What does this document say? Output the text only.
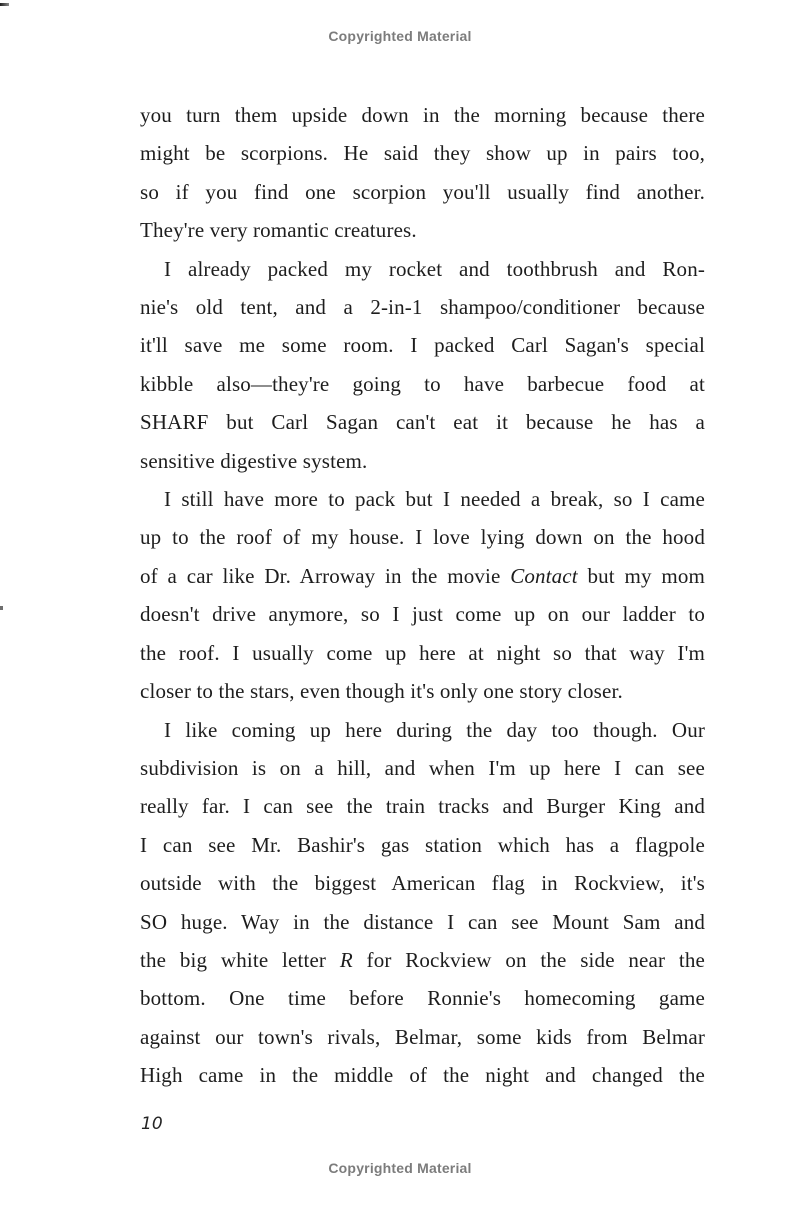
Copyrighted Material
you turn them upside down in the morning because there
might be scorpions. He said they show up in pairs too,
so if you find one scorpion you'll usually find another.
They're very romantic creatures.
I already packed my rocket and toothbrush and Ron-
nie's old tent, and a 2-in-1 shampoo/conditioner because
it'll save me some room. I packed Carl Sagan's special
kibble also—they're going to have barbecue food at
SHARF but Carl Sagan can't eat it because he has a
sensitive digestive system.
I still have more to pack but I needed a break, so I came
up to the roof of my house. I love lying down on the hood
of a car like Dr. Arroway in the movie Contact but my mom
doesn't drive anymore, so I just come up on our ladder to
the roof. I usually come up here at night so that way I'm
closer to the stars, even though it's only one story closer.
I like coming up here during the day too though. Our
subdivision is on a hill, and when I'm up here I can see
really far. I can see the train tracks and Burger King and
I can see Mr. Bashir's gas station which has a flagpole
outside with the biggest American flag in Rockview, it's
SO huge. Way in the distance I can see Mount Sam and
the big white letter R for Rockview on the side near the
bottom. One time before Ronnie's homecoming game
against our town's rivals, Belmar, some kids from Belmar
High came in the middle of the night and changed the
10
Copyrighted Material
